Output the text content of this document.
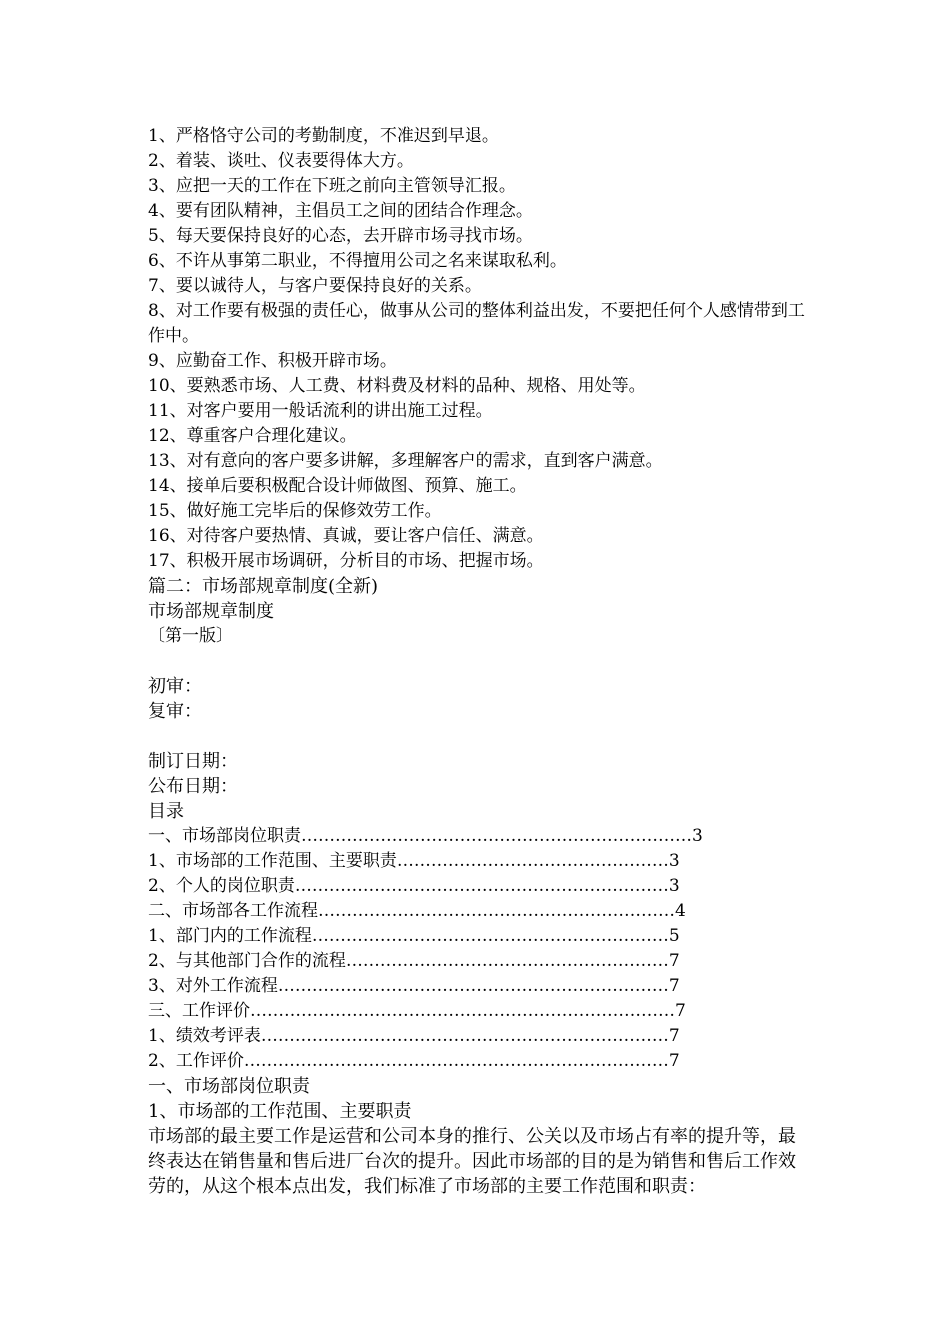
1、严格恪守公司的考勤制度，不准迟到早退。
2、着装、谈吐、仪表要得体大方。
3、应把一天的工作在下班之前向主管领导汇报。
4、要有团队精神，主倡员工之间的团结合作理念。
5、每天要保持良好的心态，去开辟市场寻找市场。
6、不许从事第二职业，不得擅用公司之名来谋取私利。
7、要以诚待人，与客户要保持良好的关系。
8、对工作要有极强的责任心，做事从公司的整体利益出发，不要把任何个人感情带到工作中。
9、应勤奋工作、积极开辟市场。
10、要熟悉市场、人工费、材料费及材料的品种、规格、用处等。
11、对客户要用一般话流利的讲出施工过程。
12、尊重客户合理化建议。
13、对有意向的客户要多讲解，多理解客户的需求，直到客户满意。
14、接单后要积极配合设计师做图、预算、施工。
15、做好施工完毕后的保修效劳工作。
16、对待客户要热情、真诚，要让客户信任、满意。
17、积极开展市场调研，分析目的市场、把握市场。
篇二：市场部规章制度(全新)
市场部规章制度
〔第一版〕
初审：
复审：
制订日期：
公布日期：
目录
一、市场部岗位职责……………………………………………………………3
1、市场部的工作范围、主要职责…………………………………………3
2、个人的岗位职责…………………………………………………………3
二、市场部各工作流程………………………………………………………4
1、部门内的工作流程………………………………………………………5
2、与其他部门合作的流程…………………………………………………7
3、对外工作流程……………………………………………………………7
三、工作评价…………………………………………………………………7
1、绩效考评表………………………………………………………………7
2、工作评价…………………………………………………………………7
一、市场部岗位职责
1、市场部的工作范围、主要职责
市场部的最主要工作是运营和公司本身的推行、公关以及市场占有率的提升等，最终表达在销售量和售后进厂台次的提升。因此市场部的目的是为销售和售后工作效劳的，从这个根本点出发，我们标准了市场部的主要工作范围和职责：
